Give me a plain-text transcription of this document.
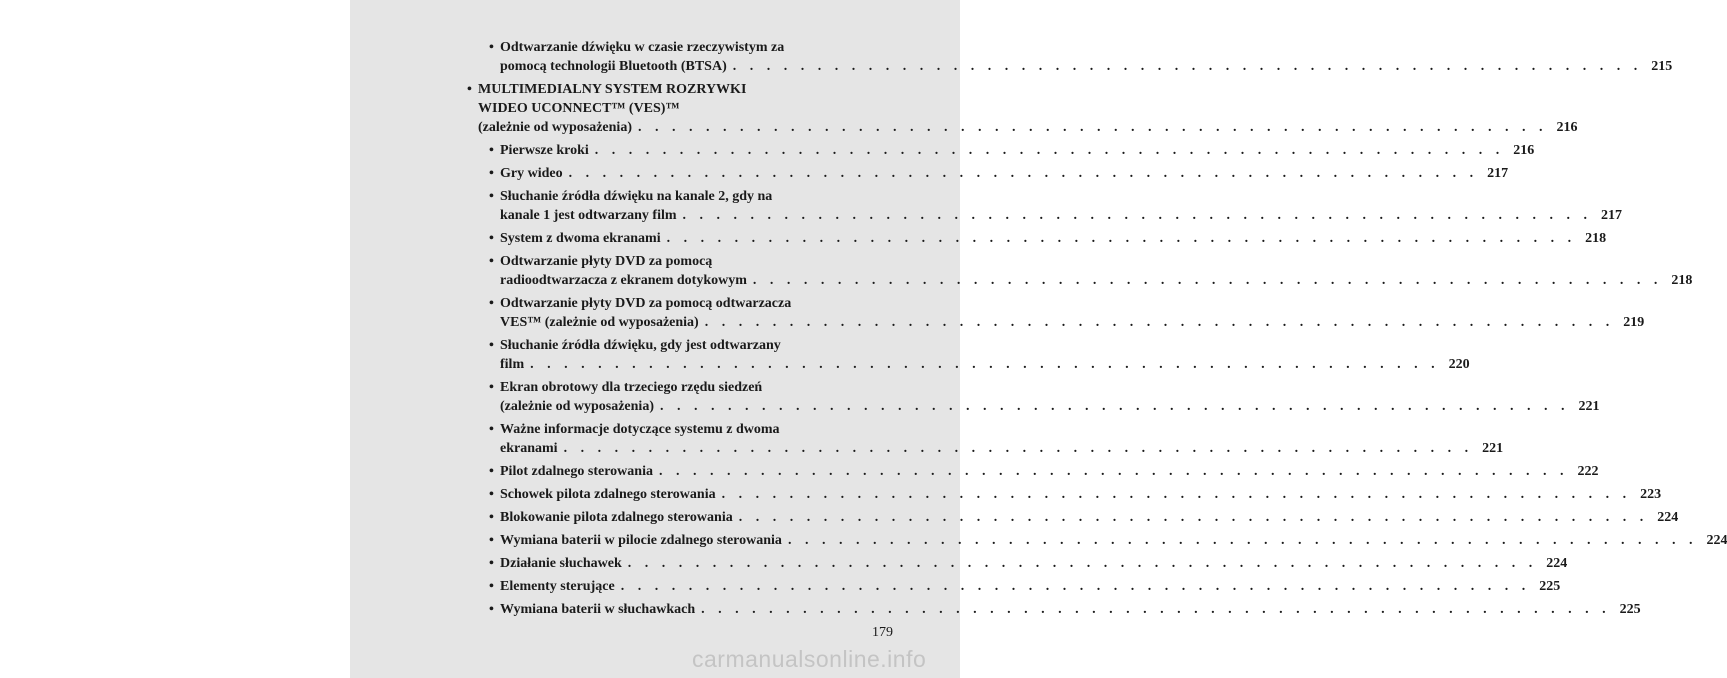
• Odtwarzanie dźwięku w czasie rzeczywistym za
pomocą technologii Bluetooth (BTSA) . . . . . . . . . . . . . . . . . . . . . . . . . . . . . . . . . . . . . . . . . . . . . . . . . . . . . . 215
• MULTIMEDIALNY SYSTEM ROZRYWKI
WIDEO UCONNECT™ (VES)™
(zależnie od wyposażenia) . . . . . . . . . . . . . . . . . . . . . . . . . . . . . . . . . . . . . . . . . . . . . . . . . . . . . . 216
• Pierwsze kroki . . . . . . . . . . . . . . . . . . . . . . . . . . . . . . . . . . . . . . . . . . . . . . . . . . . . . . 216
• Gry wideo . . . . . . . . . . . . . . . . . . . . . . . . . . . . . . . . . . . . . . . . . . . . . . . . . . . . . . 217
• Słuchanie źródła dźwięku na kanale 2, gdy na
kanale 1 jest odtwarzany film . . . . . . . . . . . . . . . . . . . . . . . . . . . . . . . . . . . . . . . . . . . . . . . . . . . . . . 217
• System z dwoma ekranami . . . . . . . . . . . . . . . . . . . . . . . . . . . . . . . . . . . . . . . . . . . . . . . . . . . . . . 218
• Odtwarzanie płyty DVD za pomocą
radioodtwarzacza z ekranem dotykowym . . . . . . . . . . . . . . . . . . . . . . . . . . . . . . . . . . . . . . . . . . . . . . . . . . . . . . 218
• Odtwarzanie płyty DVD za pomocą odtwarzacza
VES™ (zależnie od wyposażenia) . . . . . . . . . . . . . . . . . . . . . . . . . . . . . . . . . . . . . . . . . . . . . . . . . . . . . . 219
• Słuchanie źródła dźwięku, gdy jest odtwarzany
film . . . . . . . . . . . . . . . . . . . . . . . . . . . . . . . . . . . . . . . . . . . . . . . . . . . . . . 220
• Ekran obrotowy dla trzeciego rzędu siedzeń
(zależnie od wyposażenia) . . . . . . . . . . . . . . . . . . . . . . . . . . . . . . . . . . . . . . . . . . . . . . . . . . . . . . 221
• Ważne informacje dotyczące systemu z dwoma
ekranami . . . . . . . . . . . . . . . . . . . . . . . . . . . . . . . . . . . . . . . . . . . . . . . . . . . . . . 221
• Pilot zdalnego sterowania . . . . . . . . . . . . . . . . . . . . . . . . . . . . . . . . . . . . . . . . . . . . . . . . . . . . . . 222
• Schowek pilota zdalnego sterowania . . . . . . . . . . . . . . . . . . . . . . . . . . . . . . . . . . . . . . . . . . . . . . . . . . . . . . 223
• Blokowanie pilota zdalnego sterowania . . . . . . . . . . . . . . . . . . . . . . . . . . . . . . . . . . . . . . . . . . . . . . . . . . . . . . 224
• Wymiana baterii w pilocie zdalnego sterowania . . . . . . . . . . . . . . . . . . . . . . . . . . . . . . . . . . . . . . . . . . . . . . . . . . . . . . 224
• Działanie słuchawek . . . . . . . . . . . . . . . . . . . . . . . . . . . . . . . . . . . . . . . . . . . . . . . . . . . . . . 224
• Elementy sterujące . . . . . . . . . . . . . . . . . . . . . . . . . . . . . . . . . . . . . . . . . . . . . . . . . . . . . . 225
• Wymiana baterii w słuchawkach . . . . . . . . . . . . . . . . . . . . . . . . . . . . . . . . . . . . . . . . . . . . . . . . . . . . . . 225
179
carmanualsonline.info
